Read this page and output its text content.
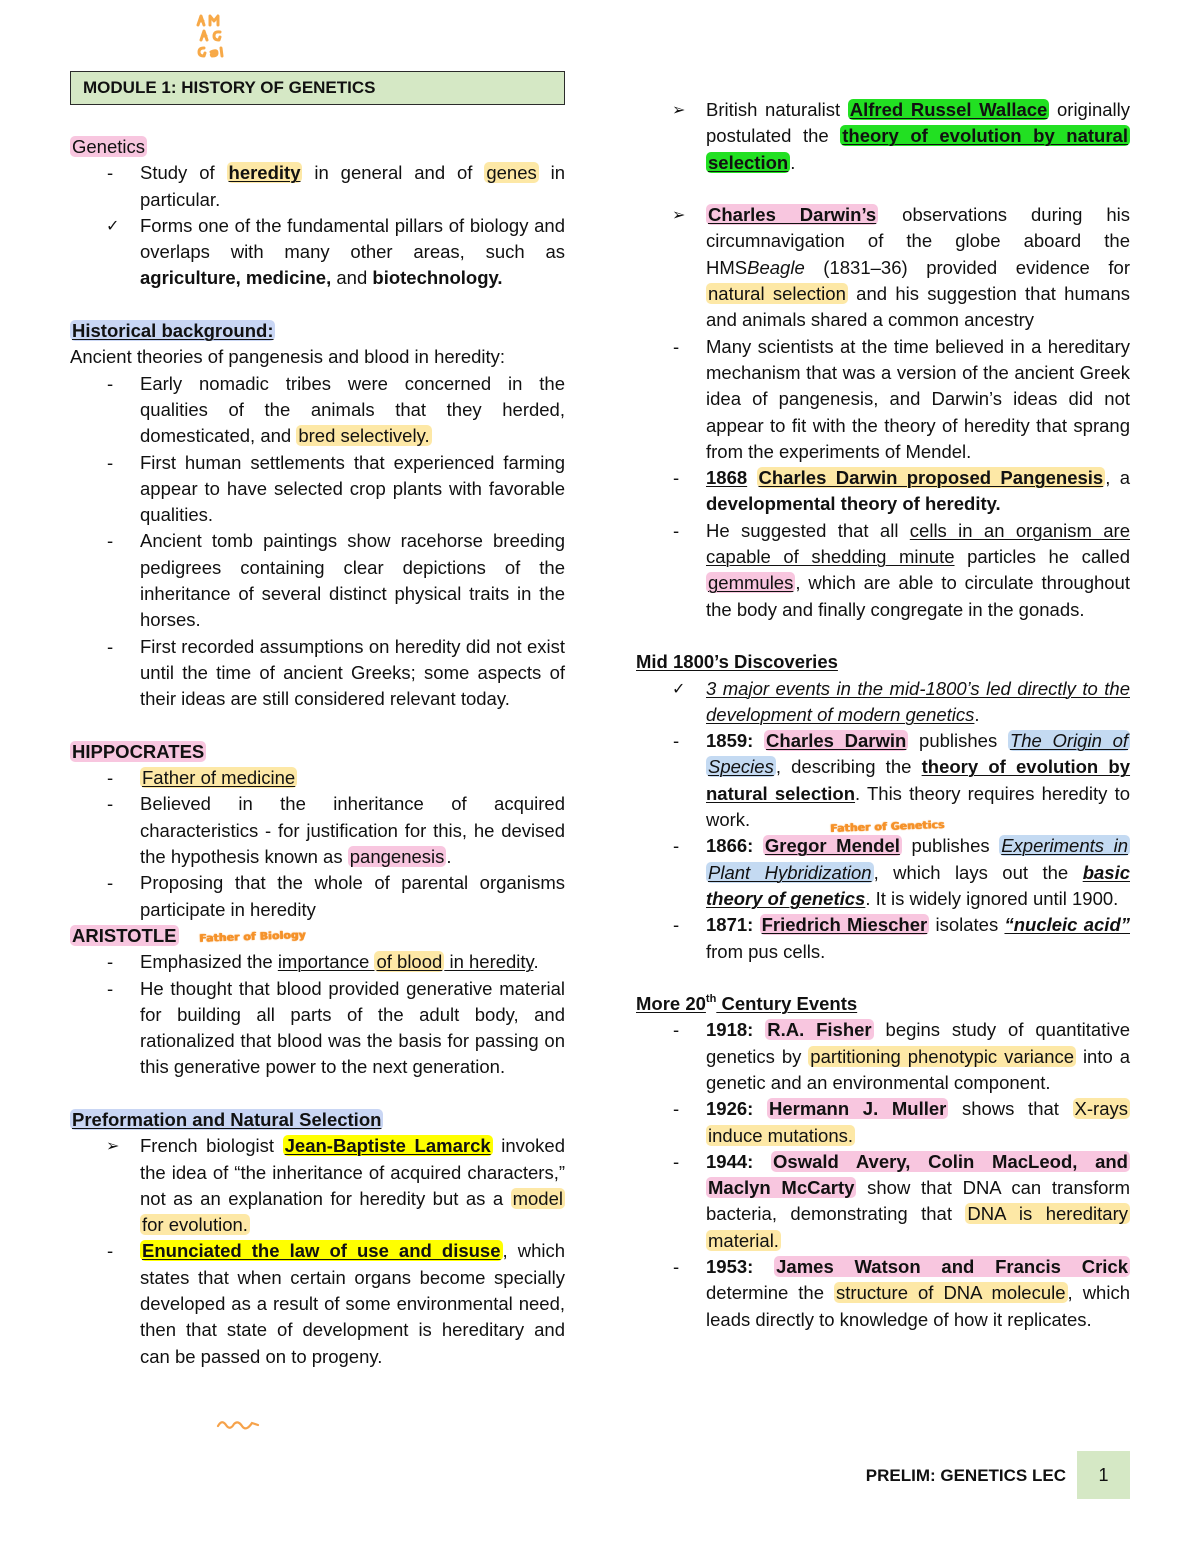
MODULE 1: HISTORY OF GENETICS
Genetics
- Study of heredity in general and of genes in particular.
✓ Forms one of the fundamental pillars of biology and overlaps with many other areas, such as agriculture, medicine, and biotechnology.
Historical background:
Ancient theories of pangenesis and blood in heredity:
- Early nomadic tribes were concerned in the qualities of the animals that they herded, domesticated, and bred selectively.
- First human settlements that experienced farming appear to have selected crop plants with favorable qualities.
- Ancient tomb paintings show racehorse breeding pedigrees containing clear depictions of the inheritance of several distinct physical traits in the horses.
- First recorded assumptions on heredity did not exist until the time of ancient Greeks; some aspects of their ideas are still considered relevant today.
HIPPOCRATES
- Father of medicine
- Believed in the inheritance of acquired characteristics - for justification for this, he devised the hypothesis known as pangenesis .
- Proposing that the whole of parental organisms participate in heredity
ARISTOTLE Father of Biology
- Emphasized the importance of blood in heredity.
- He thought that blood provided generative material for building all parts of the adult body, and rationalized that blood was the basis for passing on this generative power to the next generation.
Preformation and Natural Selection
➢ French biologist Jean-Baptiste Lamarck invoked the idea of “the inheritance of acquired characters,” not as an explanation for heredity but as a model for evolution.
- Enunciated the law of use and disuse , which states that when certain organs become specially developed as a result of some environmental need, then that state of development is hereditary and can be passed on to progeny.
➢ British naturalist Alfred Russel Wallace originally postulated the theory of evolution by natural selection .
➢ Charles Darwin’s observations during his circumnavigation of the globe aboard the HMSBeagle (1831–36) provided evidence for natural selection and his suggestion that humans and animals shared a common ancestry
- Many scientists at the time believed in a hereditary mechanism that was a version of the ancient Greek idea of pangenesis, and Darwin’s ideas did not appear to fit with the theory of heredity that sprang from the experiments of Mendel.
- 1868 Charles Darwin proposed Pangenesis , a developmental theory of heredity.
- He suggested that all cells in an organism are capable of shedding minute particles he called gemmules , which are able to circulate throughout the body and finally congregate in the gonads.
Mid 1800’s Discoveries
✓ 3 major events in the mid-1800’s led directly to the development of modern genetics.
- 1859: Charles Darwin publishes The Origin of Species , describing the theory of evolution by natural selection. This theory requires heredity to work.
- 1866: Gregor Mendel
Father of Genetics
publishes Experiments in Plant Hybridization , which lays out the basic theory of genetics. It is widely ignored until 1900.
- 1871: Friedrich Miescher isolates “nucleic acid” from pus cells.
More 20th Century Events
- 1918: R.A. Fisher begins study of quantitative genetics by partitioning phenotypic variance into a genetic and an environmental component.
- 1926: Hermann J. Muller shows that X-rays induce mutations.
- 1944: Oswald Avery, Colin MacLeod, and Maclyn McCarty show that DNA can transform bacteria, demonstrating that DNA is hereditary material.
- 1953: James Watson and Francis Crick determine the structure of DNA molecule , which leads directly to knowledge of how it replicates.
PRELIM: GENETICS LEC	1
